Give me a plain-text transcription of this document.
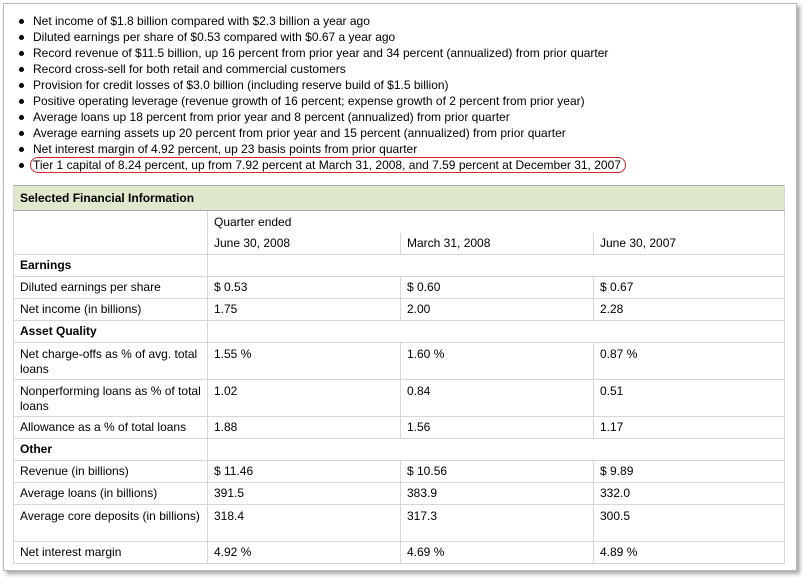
Net income of $1.8 billion compared with $2.3 billion a year ago
Diluted earnings per share of $0.53 compared with $0.67 a year ago
Record revenue of $11.5 billion, up 16 percent from prior year and 34 percent (annualized) from prior quarter
Record cross-sell for both retail and commercial customers
Provision for credit losses of $3.0 billion (including reserve build of $1.5 billion)
Positive operating leverage (revenue growth of 16 percent; expense growth of 2 percent from prior year)
Average loans up 18 percent from prior year and 8 percent (annualized) from prior quarter
Average earning assets up 20 percent from prior year and 15 percent (annualized) from prior quarter
Net interest margin of 4.92 percent, up 23 basis points from prior quarter
Tier 1 capital of 8.24 percent, up from 7.92 percent at March 31, 2008, and 7.59 percent at December 31, 2007
Selected Financial Information			
	Quarter ended		
	June 30, 2008	March 31, 2008	June 30, 2007
Earnings			
Diluted earnings per share	$ 0.53	$ 0.60	$ 0.67
Net income (in billions)	1.75	2.00	2.28
Asset Quality			
Net charge-offs as % of avg. total loans	1.55 %	1.60 %	0.87 %
Nonperforming loans as % of total loans	1.02	0.84	0.51
Allowance as a % of total loans	1.88	1.56	1.17
Other			
Revenue (in billions)	$ 11.46	$ 10.56	$ 9.89
Average loans (in billions)	391.5	383.9	332.0
Average core deposits (in billions)	318.4	317.3	300.5
Net interest margin	4.92 %	4.69 %	4.89 %
